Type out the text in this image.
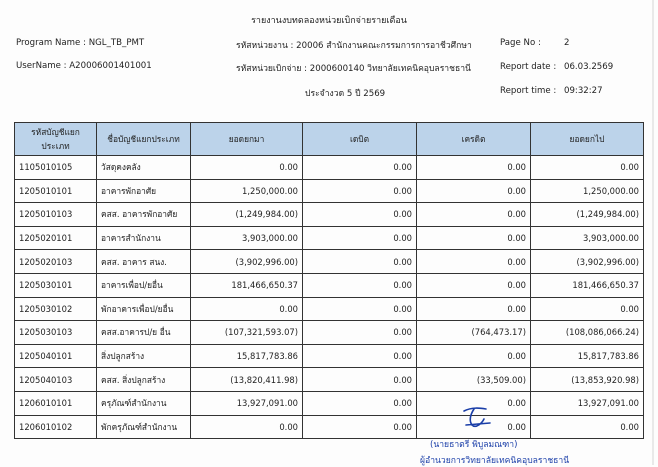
รายงานงบทดลองหน่วยเบิกจ่ายรายเดือน
Program Name : NGL_TB_PMT
UserName : A20006001401001
รหัสหน่วยงาน : 20006 สำนักงานคณะกรรมการการอาชีวศึกษา
รหัสหน่วยเบิกจ่าย : 2000600140 วิทยาลัยเทคนิคอุบลราชธานี
ประจำงวด 5 ปี 2569
Page No :	2
Report date : 06.03.2569
Report time : 09:32:27
รหัสบัญชีแยกประเภท	ชื่อบัญชีแยกประเภท	ยอดยกมา	เดบิต	เครดิต	ยอดยกไป
1105010105	วัสดุคงคลัง	0.00	0.00	0.00	0.00
1205010101	อาคารพักอาศัย	1,250,000.00	0.00	0.00	1,250,000.00
1205010103	คสส. อาคารพักอาศัย	(1,249,984.00)	0.00	0.00	(1,249,984.00)
1205020101	อาคารสำนักงาน	3,903,000.00	0.00	0.00	3,903,000.00
1205020103	คสส. อาคาร สนง.	(3,902,996.00)	0.00	0.00	(3,902,996.00)
1205030101	อาคารเพื่อป/ยอื่น	181,466,650.37	0.00	0.00	181,466,650.37
1205030102	พักอาคารเพื่อป/ยอื่น	0.00	0.00	0.00	0.00
1205030103	คสส.อาคารป/ย อื่น	(107,321,593.07)	0.00	(764,473.17)	(108,086,066.24)
1205040101	สิ่งปลูกสร้าง	15,817,783.86	0.00	0.00	15,817,783.86
1205040103	คสส. สิ่งปลูกสร้าง	(13,820,411.98)	0.00	(33,509.00)	(13,853,920.98)
1206010101	ครุภัณฑ์สำนักงาน	13,927,091.00	0.00	0.00	13,927,091.00
1206010102	พักครุภัณฑ์สำนักงาน	0.00	0.00	0.00	0.00
(นายธาตรี พิบูลมณฑา)
ผู้อำนวยการวิทยาลัยเทคนิคอุบลราชธานี
